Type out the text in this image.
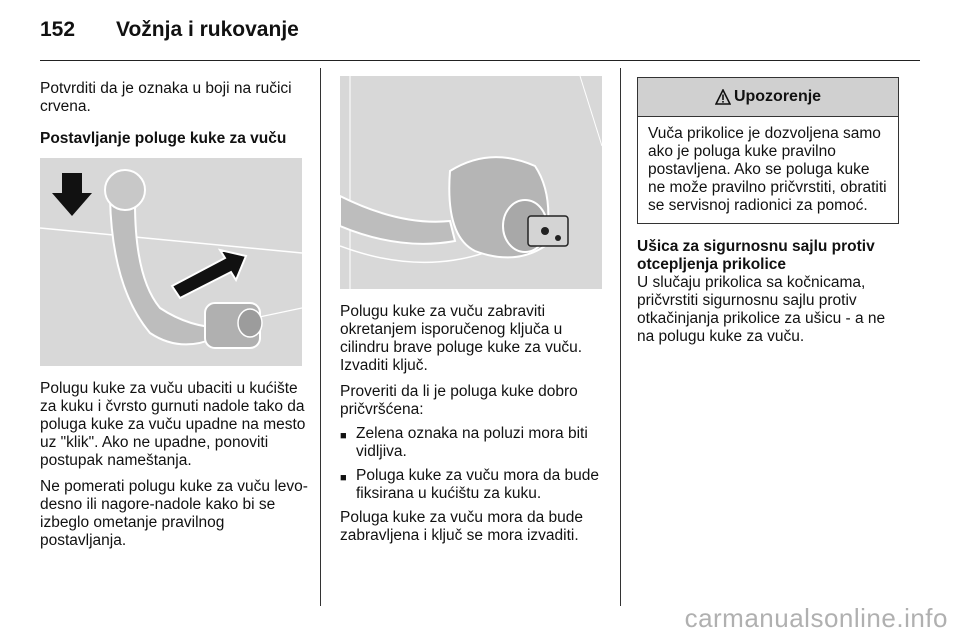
152	Vožnja i rukovanje

Potvrditi da je oznaka u boji na ručici crvena.

Postavljanje poluge kuke za vuču

Polugu kuke za vuču ubaciti u kućište za kuku i čvrsto gurnuti nadole tako da poluga kuke za vuču upadne na mesto uz "klik". Ako ne upadne, ponoviti postupak nameštanja.

Ne pomerati polugu kuke za vuču levo-desno ili nagore-nadole kako bi se izbeglo ometanje pravilnog postavljanja.

Polugu kuke za vuču zabraviti okretanjem isporučenog ključa u cilindru brave poluge kuke za vuču. Izvaditi ključ.

Proveriti da li je poluga kuke dobro pričvršćena:

■ Zelena oznaka na poluzi mora biti vidljiva.
■ Poluga kuke za vuču mora da bude fiksirana u kućištu za kuku.

Poluga kuke za vuču mora da bude zabravljena i ključ se mora izvaditi.

Upozorenje
Vuča prikolice je dozvoljena samo ako je poluga kuke pravilno postavljena. Ako se poluga kuke ne može pravilno pričvrstiti, obratiti se servisnoj radionici za pomoć.

Ušica za sigurnosnu sajlu protiv otcepljenja prikolice

U slučaju prikolica sa kočnicama, pričvrstiti sigurnosnu sajlu protiv otkačinjanja prikolice za ušicu - a ne na polugu kuke za vuču.

carmanualsonline.info
